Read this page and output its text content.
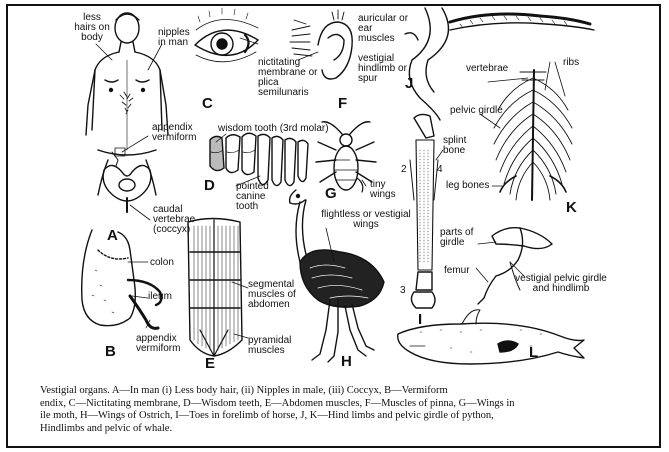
A
B
C
D
E
F
G
H
I
J
K
L
less hairs on body	nipples in man
appendix vermiform
caudal vertebrae (coccyx)
colon
ileum
appendix vermiform
nictitating membrane or plica semilunaris
wisdom tooth (3rd molar)
pointed canine tooth
segmental muscles of abdomen
pyramidal muscles
auricular or ear muscles
vestigial hindlimb or spur
tiny wings
flightless or vestigial wings
splint bone
2	4
3
vertebrae
ribs
pelvic girdle
leg bones
parts of girdle
femur
vestigial pelvic girdle and hindlimb
Vestigial organs. A—In man (i) Less body hair, (ii) Nipples in male, (iii) Coccyx, B—Vermiform
endix, C—Nictitating membrane, D—Wisdom teeth, E—Abdomen muscles, F—Muscles of pinna, G—Wings in
ile moth, H—Wings of Ostrich, I—Toes in forelimb of horse, J, K—Hind limbs and pelvic girdle of python,
Hindlimbs and pelvic of whale.
